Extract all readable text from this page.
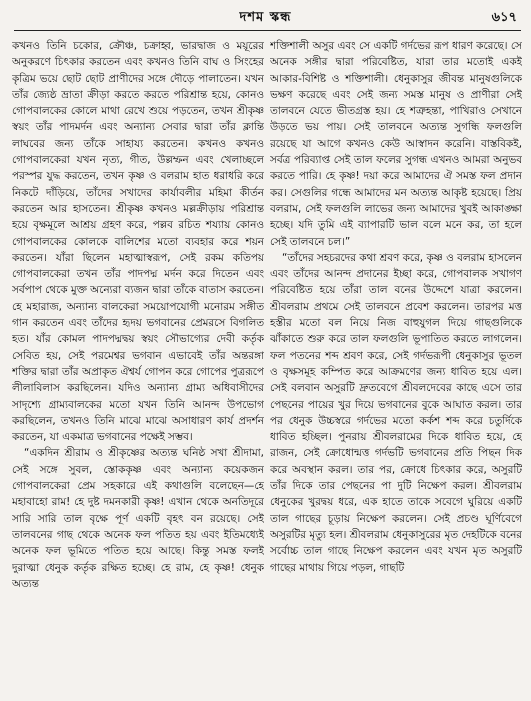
দশম স্কন্ধ	৬১৭

কখনও তিনি চকোর, ক্রৌঞ্চ, চক্রাহ্ব, ভারদ্বাজ ও ময়ূরের অনুকরণে চিৎকার করতেন এবং কখনও তিনি বাঘ ও সিংহের কৃত্রিম ভয়ে ছোট ছোট প্রাণীদের সঙ্গে দৌড়ে পালাতেন। যখন তাঁর জ্যেষ্ঠ ভ্রাতা ক্রীড়া করতে করতে পরিশ্রান্ত হয়ে, কোনও গোপবালকের কোলে মাথা রেখে শুয়ে পড়তেন, তখন শ্রীকৃষ্ণ স্বয়ং তাঁর পাদমর্দন এবং অন্যান্য সেবার দ্বারা তাঁর ক্লান্তি লাঘবের জন্য তাঁকে সাহায্য করতেন। কখনও কখনও গোপবালকেরা যখন নৃত্য, গীত, উল্লম্ফন এবং খেলাচ্ছলে পরস্পর যুদ্ধ করতেন, তখন কৃষ্ণ ও বলরাম হাত ধরাধরি করে নিকটে দাঁড়িয়ে, তাঁদের সখাদের কার্যাবলীর মহিমা কীর্তন করতেন আর হাসতেন। শ্রীকৃষ্ণ কখনও মল্লক্রীড়ায় পরিশ্রান্ত হয়ে বৃক্ষমূলে আশ্রয় গ্রহণ করে, পল্লব রচিত শয্যায় কোনও গোপবালকের কোলকে বালিশের মতো ব্যবহার করে শয়ন করতেন। যাঁরা ছিলেন মহাত্মাস্বরূপ, সেই রকম কতিপয় গোপবালকেরা তখন তাঁর পাদপদ্ম মর্দন করে দিতেন এবং সর্বপাপ থেকে মুক্ত অন্যেরা ব্যজন দ্বারা তাঁকে বাতাস করতেন। হে মহারাজ, অন্যান্য বালকেরা সময়োপযোগী মনোরম সঙ্গীত গান করতেন এবং তাঁদের হৃদয় ভগবানের প্রেমরসে বিগলিত হত। যাঁর কোমল পাদপদ্মদ্বয় স্বয়ং সৌভাগ্যের দেবী কর্তৃক সেবিত হয়, সেই পরমেশ্বর ভগবান এভাবেই তাঁর অন্তরঙ্গা শক্তির দ্বারা তাঁর অপ্রাকৃত ঐশ্বর্য গোপন করে গোপের পুত্ররূপে লীলাবিলাস করছিলেন। যদিও অন্যান্য গ্রাম্য অধিবাসীদের সাদৃশ্যে গ্রাম্যবালকের মতো যখন তিনি আনন্দ উপভোগ করছিলেন, তখনও তিনি মাঝে মাঝে অসাধারণ কার্য প্রদর্শন করতেন, যা একমাত্র ভগবানের পক্ষেই সম্ভব।

“একদিন শ্রীরাম ও শ্রীকৃষ্ণের অত্যন্ত ঘনিষ্ঠ সখা শ্রীদামা, সেই সঙ্গে সুবল, স্তোককৃষ্ণ এবং অন্যান্য কয়েকজন গোপবালকেরা প্রেম সহকারে এই কথাগুলি বলেছেন—হে মহাবাহো রাম! হে দুষ্ট দমনকারী কৃষ্ণ! এখান থেকে অনতিদূরে সারি সারি তাল বৃক্ষে পূর্ণ একটি বৃহৎ বন রয়েছে। সেই তালবনের গাছ থেকে অনেক ফল পতিত হয় এবং ইতিমধ্যেই অনেক ফল ভূমিতে পতিত হয়ে আছে। কিন্তু সমস্ত ফলই দুরাত্মা ধেনুক কর্তৃক রক্ষিত হচ্ছে। হে রাম, হে কৃষ্ণ! ধেনুক অত্যন্ত

শক্তিশালী অসুর এবং সে একটি গর্দভের রূপ ধারণ করেছে। সে অনেক সঙ্গীর দ্বারা পরিবেষ্টিত, যারা তার মতোই একই আকার-বিশিষ্ট ও শক্তিশালী। ধেনুকাসুর জীবন্ত মানুষগুলিকে ভক্ষণ করেছে এবং সেই জন্য সমস্ত মানুষ ও প্রাণীরা সেই তালবনে যেতে ভীতগ্রস্ত হয়। হে শত্রুহন্তা, পাখিরাও সেখানে উড়তে ভয় পায়। সেই তালবনে অত্যন্ত সুগন্ধি ফলগুলি রয়েছে যা আগে কখনও কেউ আস্বাদন করেনি। বাস্তবিকই, সর্বত্র পরিব্যাপ্ত সেই তাল ফলের সুগন্ধ এখনও আমরা অনুভব করতে পারি। হে কৃষ্ণ! দয়া করে আমাদের ঐ সমস্ত ফল প্রদান কর। সেগুলির গন্ধে আমাদের মন অত্যন্ত আকৃষ্ট হয়েছে। প্রিয় বলরাম, সেই ফলগুলি লাভের জন্য আমাদের খুবই আকাঙ্ক্ষা হচ্ছে। যদি তুমি এই ব্যাপারটি ভাল বলে মনে কর, তা হলে সেই তালবনে চল।”

“তাঁদের সহচরদের কথা শ্রবণ করে, কৃষ্ণ ও বলরাম হাসলেন এবং তাঁদের আনন্দ প্রদানের ইচ্ছা করে, গোপবালক সখাগণ পরিবেষ্টিত হয়ে তাঁরা তাল বনের উদ্দেশে যাত্রা করলেন। শ্রীবলরাম প্রথমে সেই তালবনে প্রবেশ করলেন। তারপর মত্ত হস্তীর মতো বল নিয়ে নিজ বাহুযুগল দিয়ে গাছগুলিকে ঝাঁকাতে শুরু করে তাল ফলগুলি ভূপাতিত করতে লাগলেন। ফল পতনের শব্দ শ্রবণ করে, সেই গর্দভরূপী ধেনুকাসুর ভূতল ও বৃক্ষসমূহ কম্পিত করে আক্রমণের জন্য ধাবিত হয়ে এল। সেই বলবান অসুরটি দ্রুতবেগে শ্রীবলদেবের কাছে এসে তার পেছনের পায়ের খুর দিয়ে ভগবানের বুকে আঘাত করল। তার পর ধেনুক উচ্চস্বরে গর্দভের মতো কর্কশ শব্দ করে চতুর্দিকে ধাবিত হচ্ছিল। পুনরায় শ্রীবলরামের দিকে ধাবিত হয়ে, হে রাজন, সেই ক্রোধোন্মত্ত গর্দভটি ভগবানের প্রতি পিছন দিক করে অবস্থান করল। তার পর, ক্রোধে চিৎকার করে, অসুরটি তাঁর দিকে তার পেছনের পা দুটি নিক্ষেপ করল। শ্রীবলরাম ধেনুকের খুরদ্বয় ধরে, এক হাতে তাকে সবেগে ঘুরিয়ে একটি তাল গাছের চূড়ায় নিক্ষেপ করলেন। সেই প্রচণ্ড ঘূর্ণিবেগে অসুরটির মৃত্যু হল। শ্রীবলরাম ধেনুকাসুরের মৃত দেহটিকে বনের সর্বোচ্চ তাল গাছে নিক্ষেপ করলেন এবং যখন মৃত অসুরটি গাছের মাথায় গিয়ে পড়ল, গাছটি
